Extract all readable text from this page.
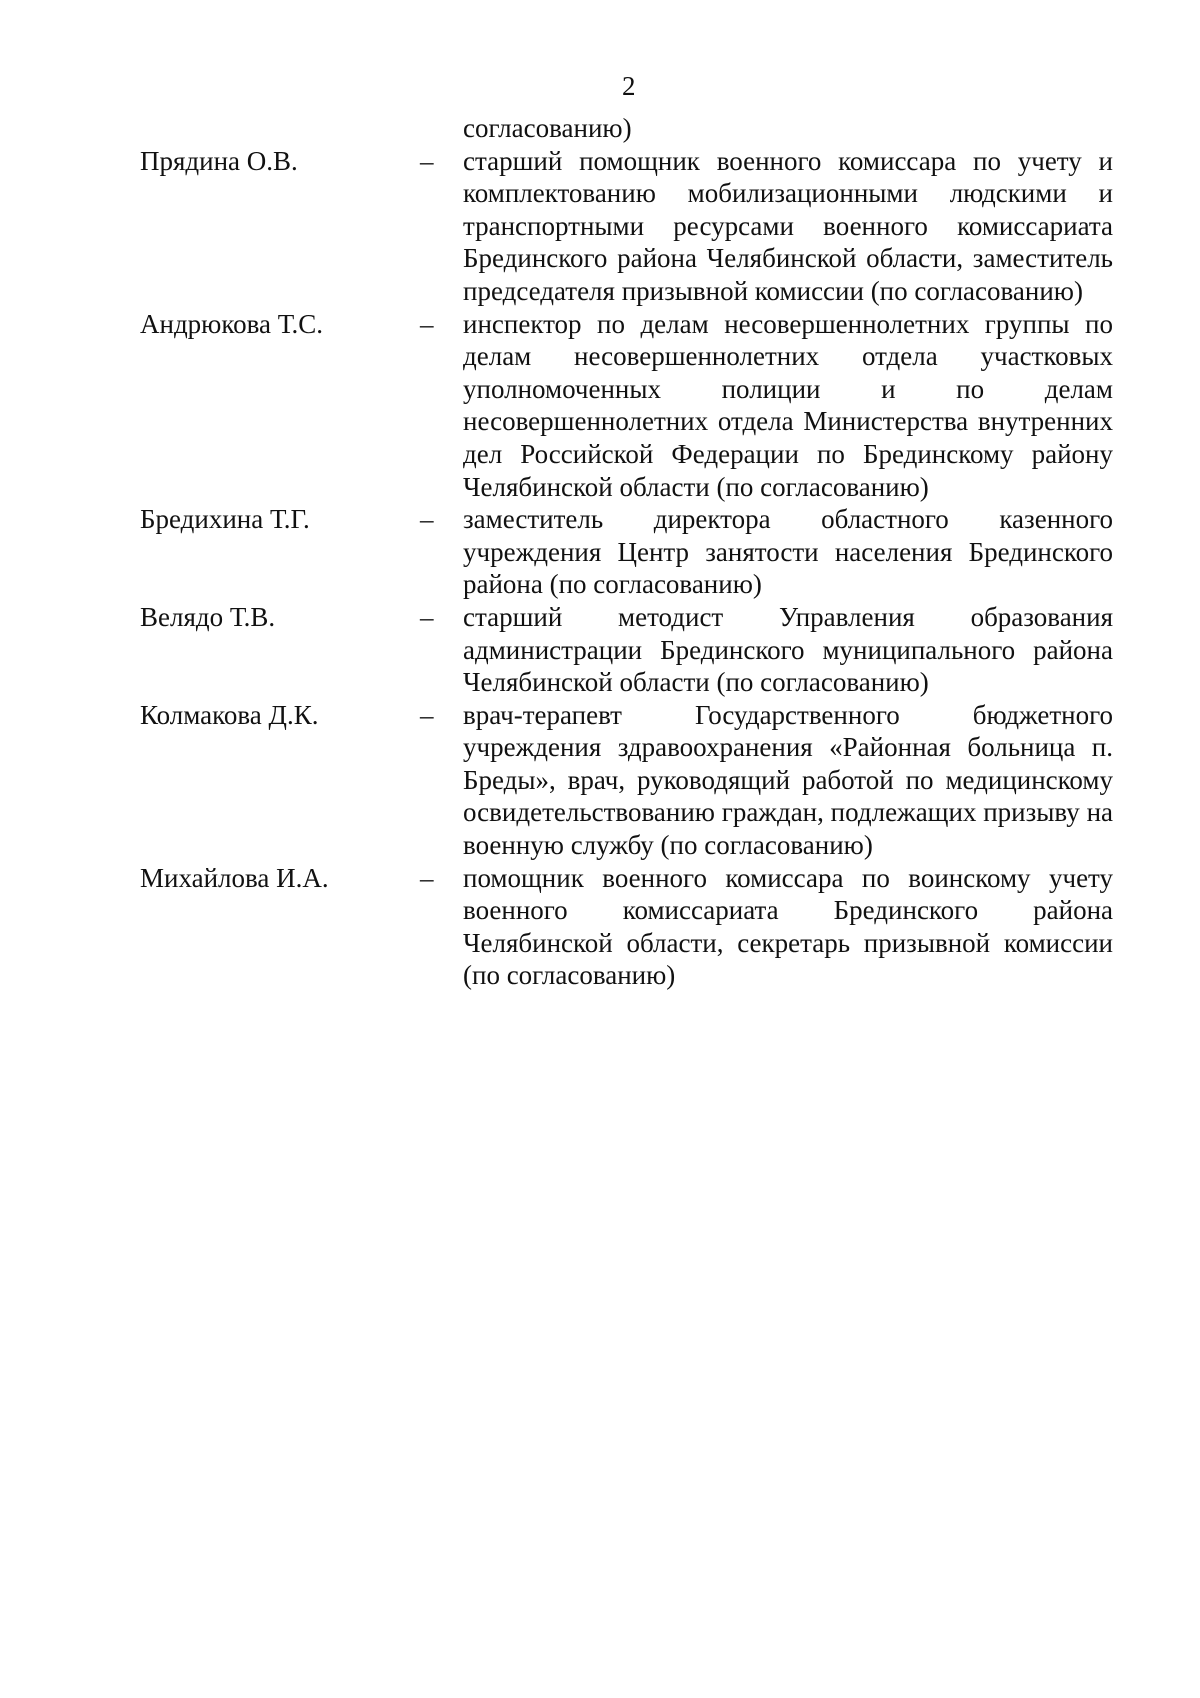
2
согласованию)
Прядина О.В.	– старший помощник военного комиссара по учету и комплектованию мобилизационными людскими и транспортными ресурсами военного комиссариата Брединского района Челябинской области, заместитель председателя призывной комиссии (по согласованию)
Андрюкова Т.С.	– инспектор по делам несовершеннолетних группы по делам несовершеннолетних отдела участковых уполномоченных полиции и по делам несовершеннолетних отдела Министерства внутренних дел Российской Федерации по Брединскому району Челябинской области (по согласованию)
Бредихина Т.Г.	– заместитель директора областного казенного учреждения Центр занятости населения Брединского района (по согласованию)
Велядо Т.В.	– старший методист Управления образования администрации Брединского муниципального района Челябинской области (по согласованию)
Колмакова Д.К.	– врач-терапевт Государственного бюджетного учреждения здравоохранения «Районная больница п. Бреды», врач, руководящий работой по медицинскому освидетельствованию граждан, подлежащих призыву на военную службу (по согласованию)
Михайлова И.А.	– помощник военного комиссара по воинскому учету военного комиссариата Брединского района Челябинской области, секретарь призывной комиссии (по согласованию)
